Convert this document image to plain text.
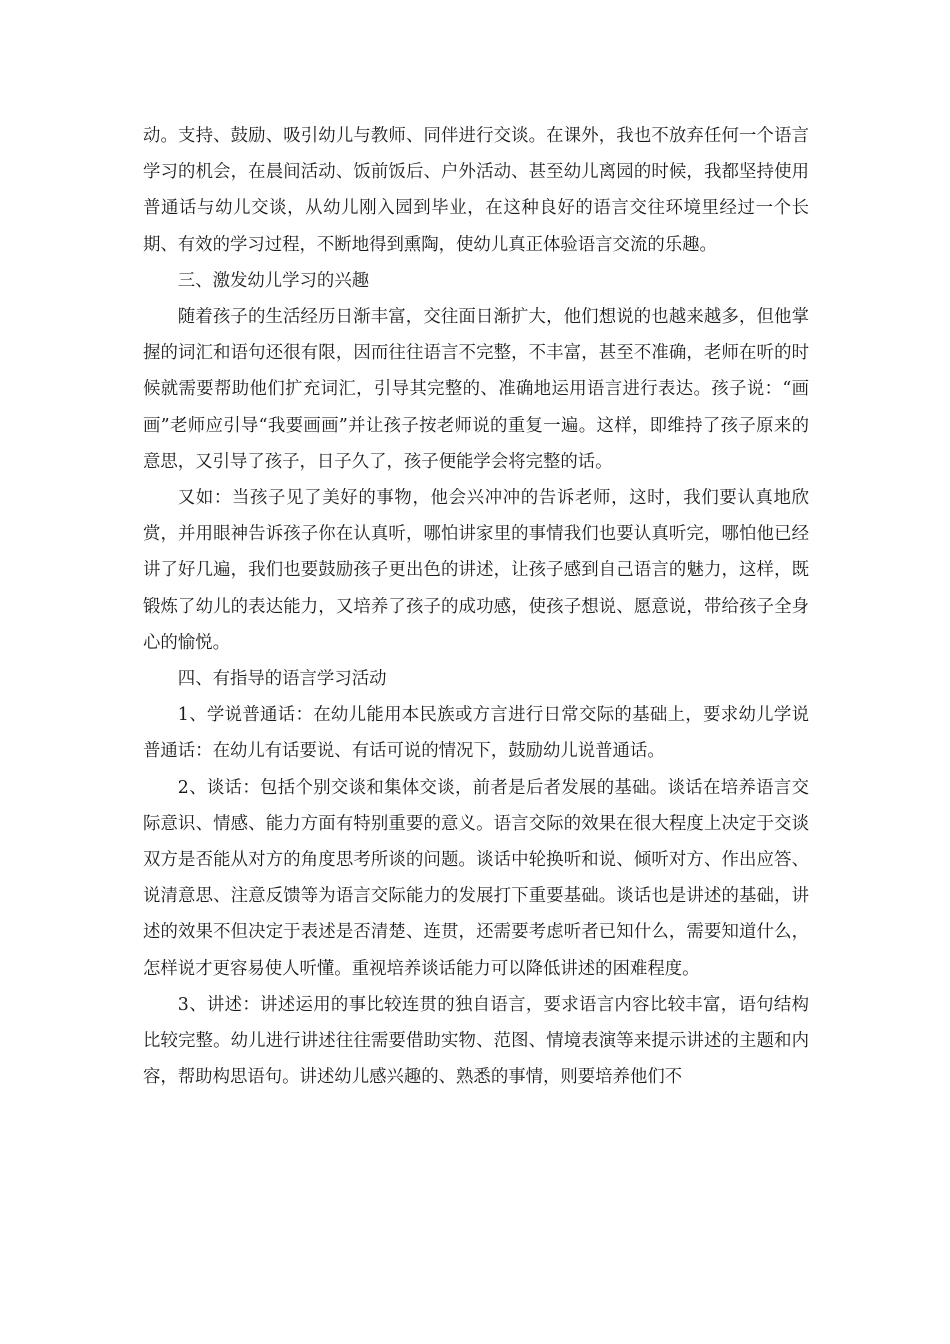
动。支持、鼓励、吸引幼儿与教师、同伴进行交谈。在课外，我也不放弃任何一个语言学习的机会，在晨间活动、饭前饭后、户外活动、甚至幼儿离园的时候，我都坚持使用普通话与幼儿交谈，从幼儿刚入园到毕业，在这种良好的语言交往环境里经过一个长期、有效的学习过程，不断地得到熏陶，使幼儿真正体验语言交流的乐趣。

三、激发幼儿学习的兴趣

随着孩子的生活经历日渐丰富，交往面日渐扩大，他们想说的也越来越多，但他掌握的词汇和语句还很有限，因而往往语言不完整，不丰富，甚至不准确，老师在听的时候就需要帮助他们扩充词汇，引导其完整的、准确地运用语言进行表达。孩子说：“画画”老师应引导“我要画画”并让孩子按老师说的重复一遍。这样，即维持了孩子原来的意思，又引导了孩子，日子久了，孩子便能学会将完整的话。

又如：当孩子见了美好的事物，他会兴冲冲的告诉老师，这时，我们要认真地欣赏，并用眼神告诉孩子你在认真听，哪怕讲家里的事情我们也要认真听完，哪怕他已经讲了好几遍，我们也要鼓励孩子更出色的讲述，让孩子感到自己语言的魅力，这样，既锻炼了幼儿的表达能力，又培养了孩子的成功感，使孩子想说、愿意说，带给孩子全身心的愉悦。

四、有指导的语言学习活动

1、学说普通话：在幼儿能用本民族或方言进行日常交际的基础上，要求幼儿学说普通话：在幼儿有话要说、有话可说的情况下，鼓励幼儿说普通话。

2、谈话：包括个别交谈和集体交谈，前者是后者发展的基础。谈话在培养语言交际意识、情感、能力方面有特别重要的意义。语言交际的效果在很大程度上决定于交谈双方是否能从对方的角度思考所谈的问题。谈话中轮换听和说、倾听对方、作出应答、说清意思、注意反馈等为语言交际能力的发展打下重要基础。谈话也是讲述的基础，讲述的效果不但决定于表述是否清楚、连贯，还需要考虑听者已知什么，需要知道什么，怎样说才更容易使人听懂。重视培养谈话能力可以降低讲述的困难程度。

3、讲述：讲述运用的事比较连贯的独自语言，要求语言内容比较丰富，语句结构比较完整。幼儿进行讲述往往需要借助实物、范图、情境表演等来提示讲述的主题和内容，帮助构思语句。讲述幼儿感兴趣的、熟悉的事情，则要培养他们不
